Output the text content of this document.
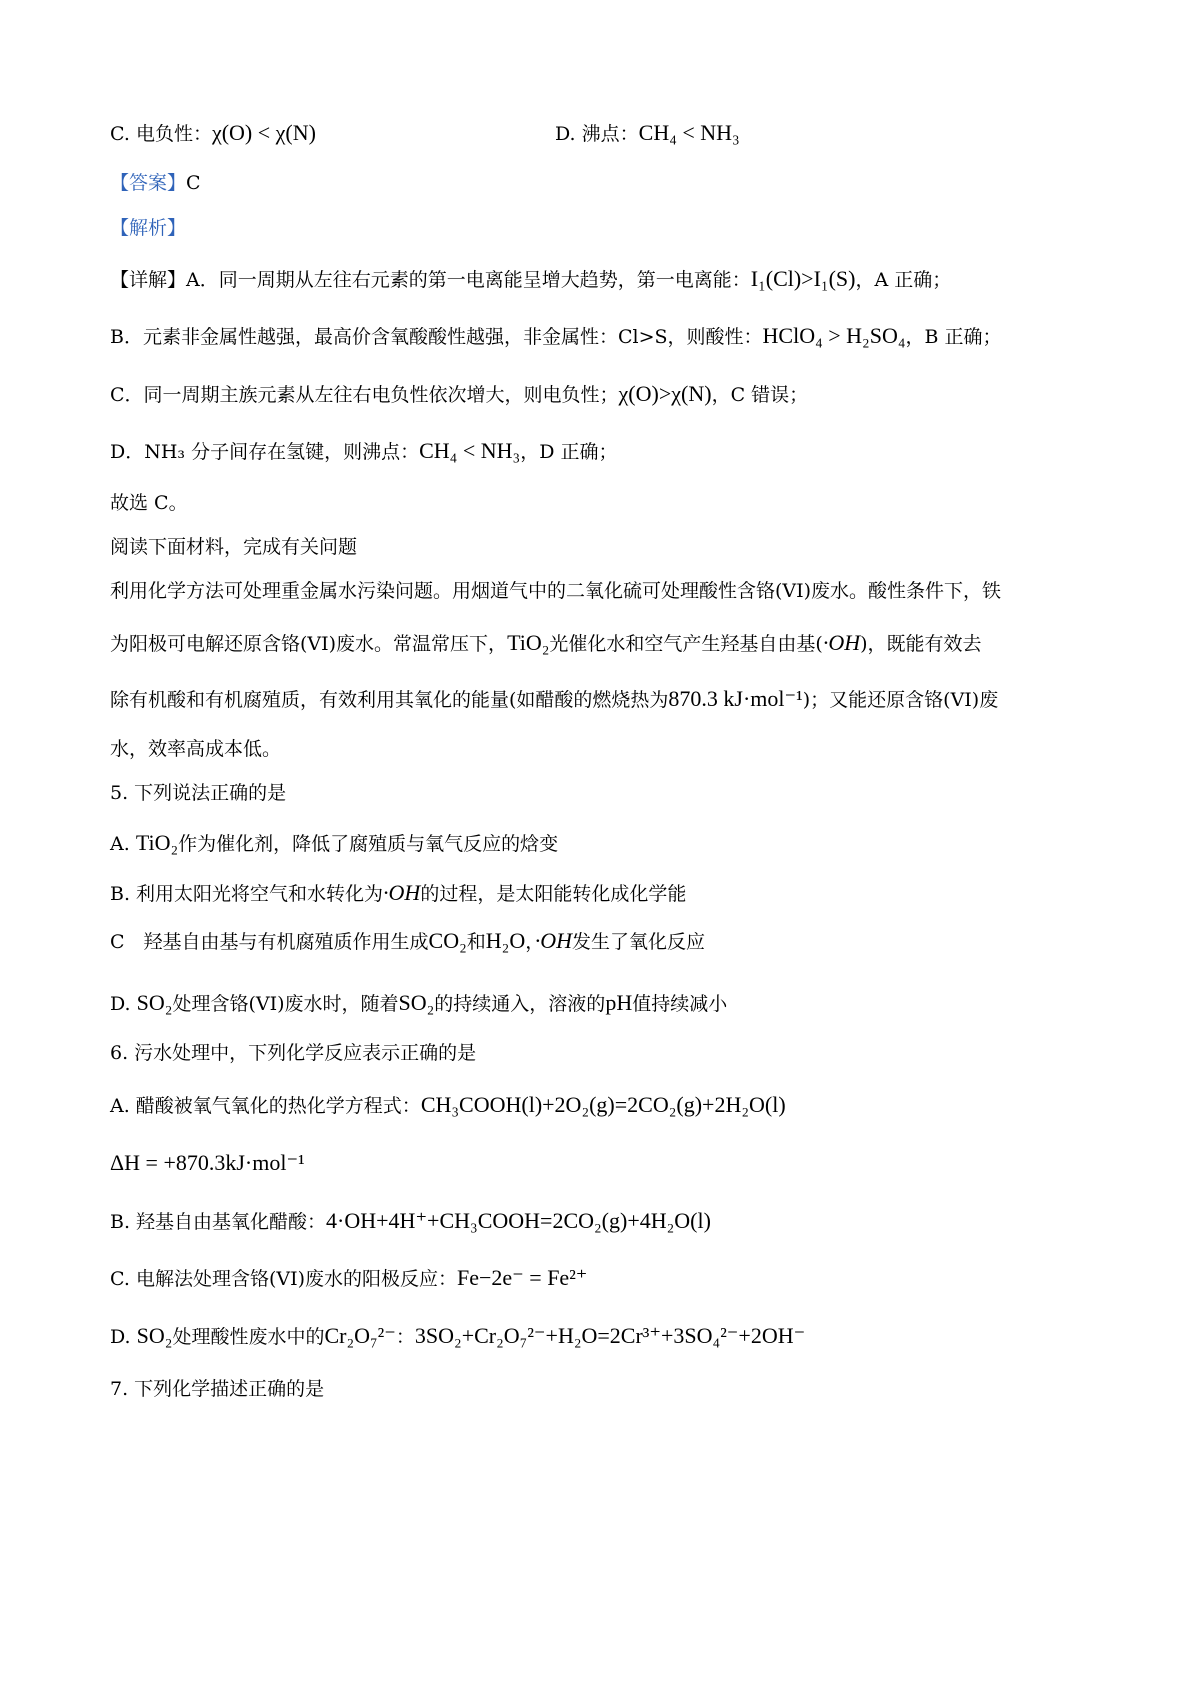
C. 电负性：χ(O) < χ(N)	D. 沸点：CH₄ < NH₃
【答案】C
【解析】
【详解】A．同一周期从左往右元素的第一电离能呈增大趋势，第一电离能：I₁(Cl)>I₁(S)，A 正确；
B．元素非金属性越强，最高价含氧酸酸性越强，非金属性：Cl>S，则酸性：HClO₄ > H₂SO₄，B 正确；
C．同一周期主族元素从左往右电负性依次增大，则电负性；χ(O)>χ(N)，C 错误；
D．NH₃ 分子间存在氢键，则沸点：CH₄ < NH₃，D 正确；
故选 C。
阅读下面材料，完成有关问题
利用化学方法可处理重金属水污染问题。用烟道气中的二氧化硫可处理酸性含铬(VI)废水。酸性条件下，铁
为阳极可电解还原含铬(VI)废水。常温常压下，TiO₂光催化水和空气产生羟基自由基(·OH)，既能有效去
除有机酸和有机腐殖质，有效利用其氧化的能量(如醋酸的燃烧热为870.3 kJ·mol⁻¹)；又能还原含铬(VI)废
水，效率高成本低。
5. 下列说法正确的是
A. TiO₂作为催化剂，降低了腐殖质与氧气反应的焓变
B. 利用太阳光将空气和水转化为·OH的过程，是太阳能转化成化学能
C　羟基自由基与有机腐殖质作用生成CO₂和H₂O，·OH发生了氧化反应
D. SO₂处理含铬(VI)废水时，随着SO₂的持续通入，溶液的pH值持续减小
6. 污水处理中，下列化学反应表示正确的是
A. 醋酸被氧气氧化的热化学方程式：CH₃COOH(l)+2O₂(g)=2CO₂(g)+2H₂O(l)
ΔH = +870.3kJ·mol⁻¹
B. 羟基自由基氧化醋酸：4·OH+4H⁺+CH₃COOH=2CO₂(g)+4H₂O(l)
C. 电解法处理含铬(VI)废水的阳极反应：Fe−2e⁻ = Fe²⁺
D. SO₂处理酸性废水中的Cr₂O₇²⁻：3SO₂+Cr₂O₇²⁻+H₂O=2Cr³⁺+3SO₄²⁻+2OH⁻
7. 下列化学描述正确的是
